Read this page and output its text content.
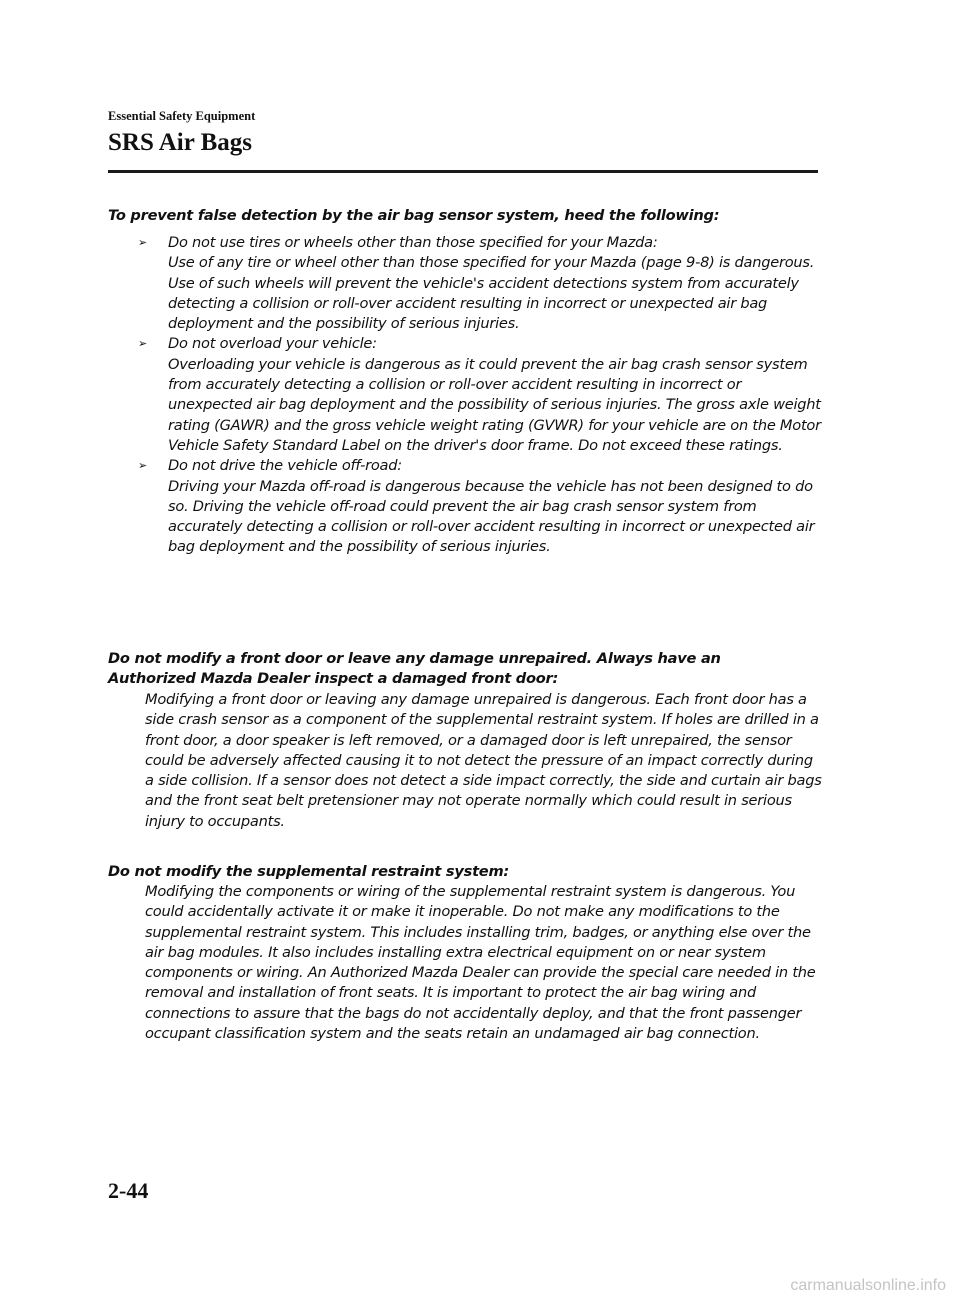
Essential Safety Equipment
SRS Air Bags
To prevent false detection by the air bag sensor system, heed the following:
➢	Do not use tires or wheels other than those specified for your Mazda:
Use of any tire or wheel other than those specified for your Mazda (page 9-8) is dangerous. Use of such wheels will prevent the vehicle's accident detections system from accurately detecting a collision or roll-over accident resulting in incorrect or unexpected air bag deployment and the possibility of serious injuries.
➢	Do not overload your vehicle:
Overloading your vehicle is dangerous as it could prevent the air bag crash sensor system from accurately detecting a collision or roll-over accident resulting in incorrect or unexpected air bag deployment and the possibility of serious injuries. The gross axle weight rating (GAWR) and the gross vehicle weight rating (GVWR) for your vehicle are on the Motor Vehicle Safety Standard Label on the driver's door frame. Do not exceed these ratings.
➢	Do not drive the vehicle off-road:
Driving your Mazda off-road is dangerous because the vehicle has not been designed to do so. Driving the vehicle off-road could prevent the air bag crash sensor system from accurately detecting a collision or roll-over accident resulting in incorrect or unexpected air bag deployment and the possibility of serious injuries.
Do not modify a front door or leave any damage unrepaired. Always have an Authorized Mazda Dealer inspect a damaged front door:
Modifying a front door or leaving any damage unrepaired is dangerous. Each front door has a side crash sensor as a component of the supplemental restraint system. If holes are drilled in a front door, a door speaker is left removed, or a damaged door is left unrepaired, the sensor could be adversely affected causing it to not detect the pressure of an impact correctly during a side collision. If a sensor does not detect a side impact correctly, the side and curtain air bags and the front seat belt pretensioner may not operate normally which could result in serious injury to occupants.
Do not modify the supplemental restraint system:
Modifying the components or wiring of the supplemental restraint system is dangerous. You could accidentally activate it or make it inoperable. Do not make any modifications to the supplemental restraint system. This includes installing trim, badges, or anything else over the air bag modules. It also includes installing extra electrical equipment on or near system components or wiring. An Authorized Mazda Dealer can provide the special care needed in the removal and installation of front seats. It is important to protect the air bag wiring and connections to assure that the bags do not accidentally deploy, and that the front passenger occupant classification system and the seats retain an undamaged air bag connection.
2-44
carmanualsonline.info
